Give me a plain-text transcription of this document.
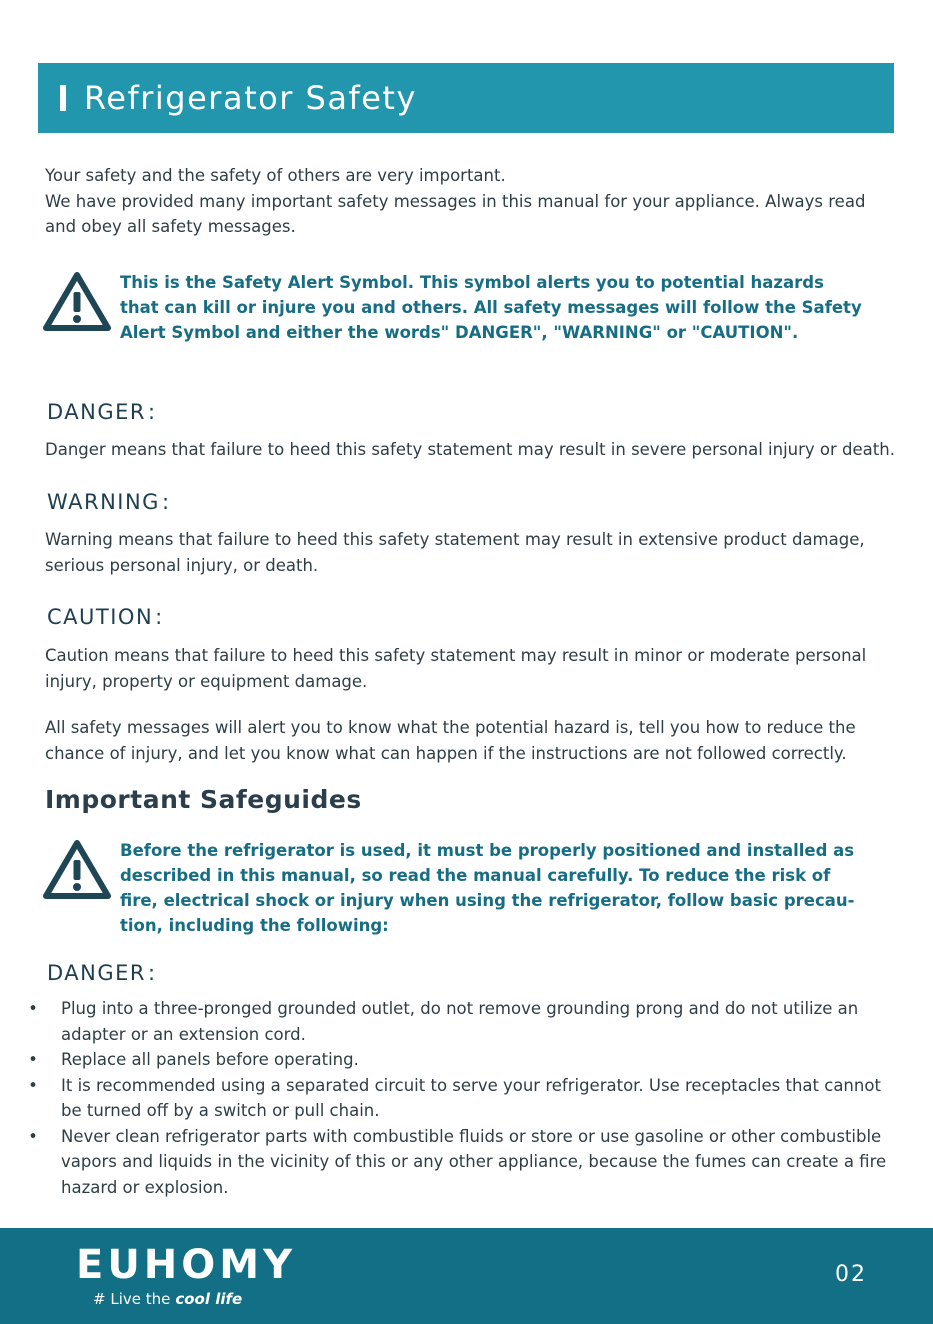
Refrigerator Safety
Your safety and the safety of others are very important.
We have provided many important safety messages in this manual for your appliance. Always read and obey all safety messages.
This is the Safety Alert Symbol. This symbol alerts you to potential hazards that can kill or injure you and others. All safety messages will follow the Safety Alert Symbol and either the words" DANGER", "WARNING" or "CAUTION".
DANGER:
Danger means that failure to heed this safety statement may result in severe personal injury or death.
WARNING:
Warning means that failure to heed this safety statement may result in extensive product damage, serious personal injury, or death.
CAUTION:
Caution means that failure to heed this safety statement may result in minor or moderate personal injury, property or equipment damage.
All safety messages will alert you to know what the potential hazard is, tell you how to reduce the chance of injury, and let you know what can happen if the instructions are not followed correctly.
Important Safeguides
Before the refrigerator is used, it must be properly positioned and installed as described in this manual, so read the manual carefully. To reduce the risk of fire, electrical shock or injury when using the refrigerator, follow basic precau-tion, including the following:
DANGER:
• Plug into a three-pronged grounded outlet, do not remove grounding prong and do not utilize an adapter or an extension cord.
• Replace all panels before operating.
• It is recommended using a separated circuit to serve your refrigerator. Use receptacles that cannot be turned off by a switch or pull chain.
• Never clean refrigerator parts with combustible fluids or store or use gasoline or other combustible vapors and liquids in the vicinity of this or any other appliance, because the fumes can create a fire hazard or explosion.
EUHOMY
# Live the cool life
02
